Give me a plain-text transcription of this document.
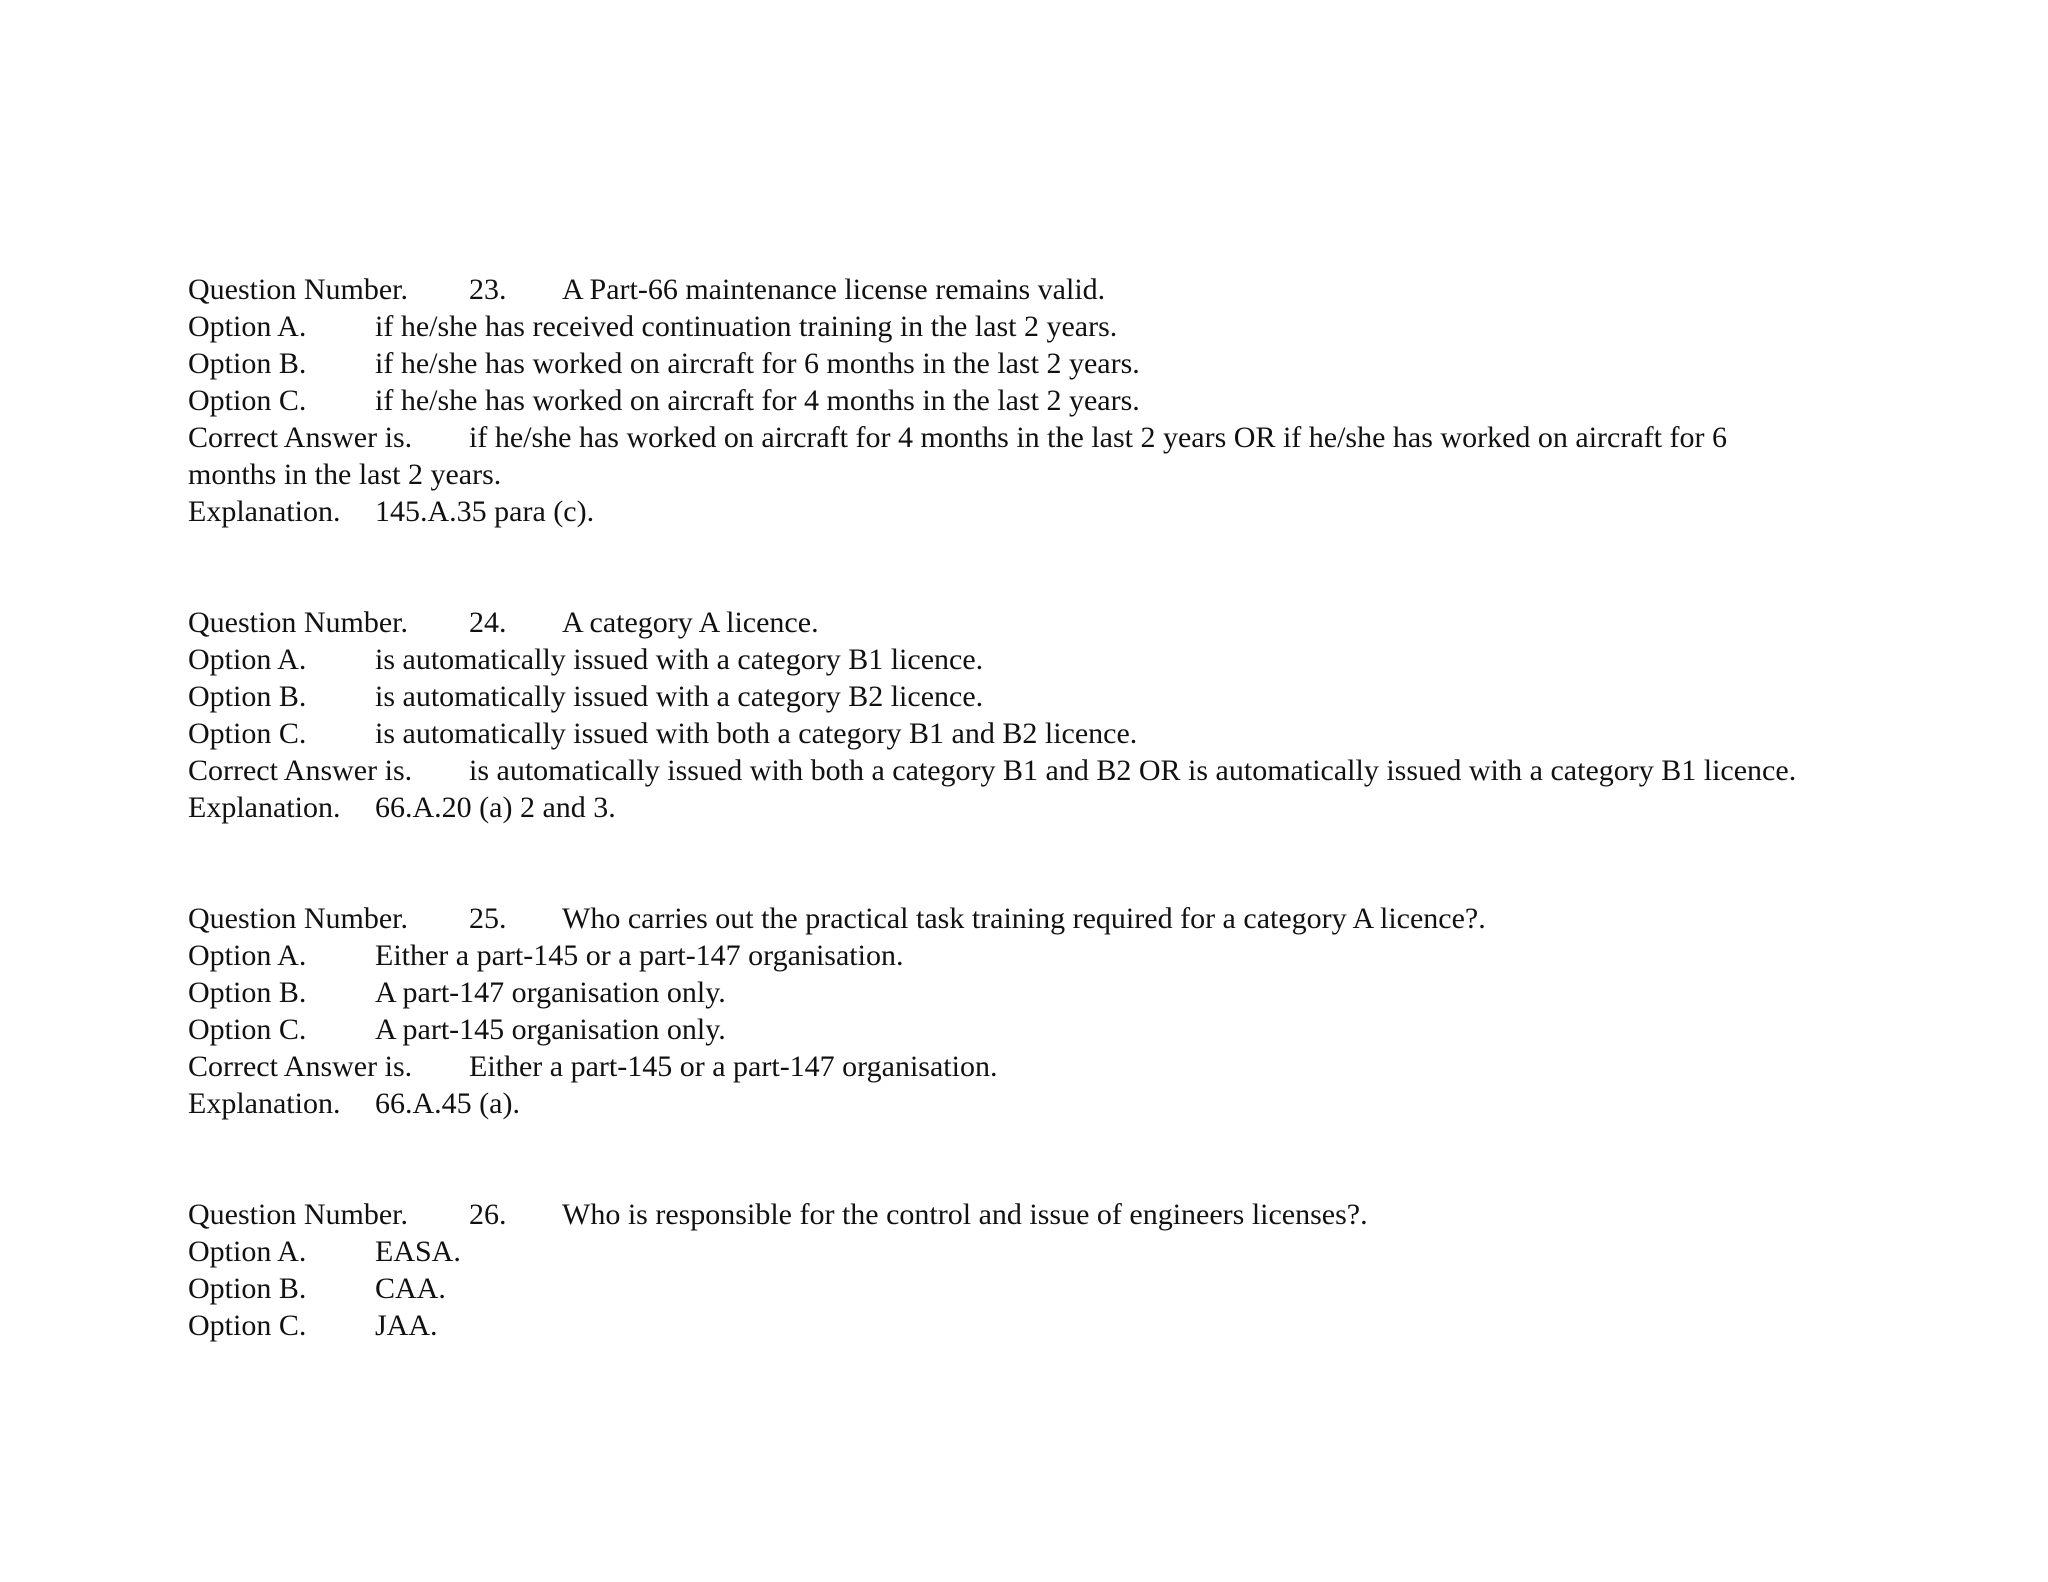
Question Number. 23. A Part-66 maintenance license remains valid.
Option A. if he/she has received continuation training in the last 2 years.
Option B. if he/she has worked on aircraft for 6 months in the last 2 years.
Option C. if he/she has worked on aircraft for 4 months in the last 2 years.
Correct Answer is. if he/she has worked on aircraft for 4 months in the last 2 years OR if he/she has worked on aircraft for 6
months in the last 2 years.
Explanation. 145.A.35 para (c).
Question Number. 24. A category A licence.
Option A. is automatically issued with a category B1 licence.
Option B. is automatically issued with a category B2 licence.
Option C. is automatically issued with both a category B1 and B2 licence.
Correct Answer is. is automatically issued with both a category B1 and B2 OR is automatically issued with a category B1 licence.
Explanation. 66.A.20 (a) 2 and 3.
Question Number. 25. Who carries out the practical task training required for a category A licence?.
Option A. Either a part-145 or a part-147 organisation.
Option B. A part-147 organisation only.
Option C. A part-145 organisation only.
Correct Answer is. Either a part-145 or a part-147 organisation.
Explanation. 66.A.45 (a).
Question Number. 26. Who is responsible for the control and issue of engineers licenses?.
Option A. EASA.
Option B. CAA.
Option C. JAA.
